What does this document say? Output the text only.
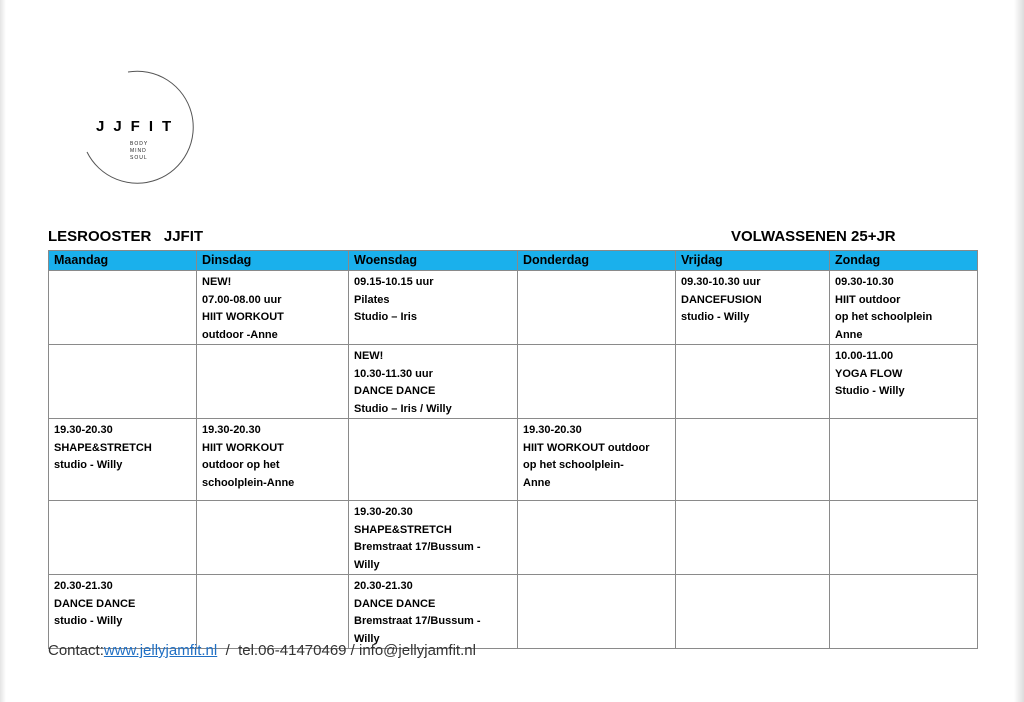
JJFIT
BODY
MIND
SOUL
LESROOSTER   JJFIT	VOLWASSENEN 25+JR
Maandag	Dinsdag	Woensdag	Donderdag	Vrijdag	Zondag

	NEW!
07.00-08.00 uur
HIIT WORKOUT
outdoor -Anne	09.15-10.15 uur
Pilates
Studio – Iris		09.30-10.30 uur
DANCEFUSION
studio - Willy	09.30-10.30
HIIT outdoor
op het schoolplein
Anne

		NEW!
10.30-11.30 uur
DANCE DANCE
Studio – Iris / Willy			10.00-11.00
YOGA FLOW
Studio - Willy

19.30-20.30
SHAPE&STRETCH
studio - Willy	19.30-20.30
HIIT WORKOUT
outdoor op het
schoolplein-Anne		19.30-20.30
HIIT WORKOUT outdoor
op het schoolplein-
Anne		

		19.30-20.30
SHAPE&STRETCH
Bremstraat 17/Bussum -
Willy			

20.30-21.30
DANCE DANCE
studio - Willy		20.30-21.30
DANCE DANCE
Bremstraat 17/Bussum -
Willy			

Contact:www.jellyjamfit.nl  /  tel.06-41470469 / info@jellyjamfit.nl
